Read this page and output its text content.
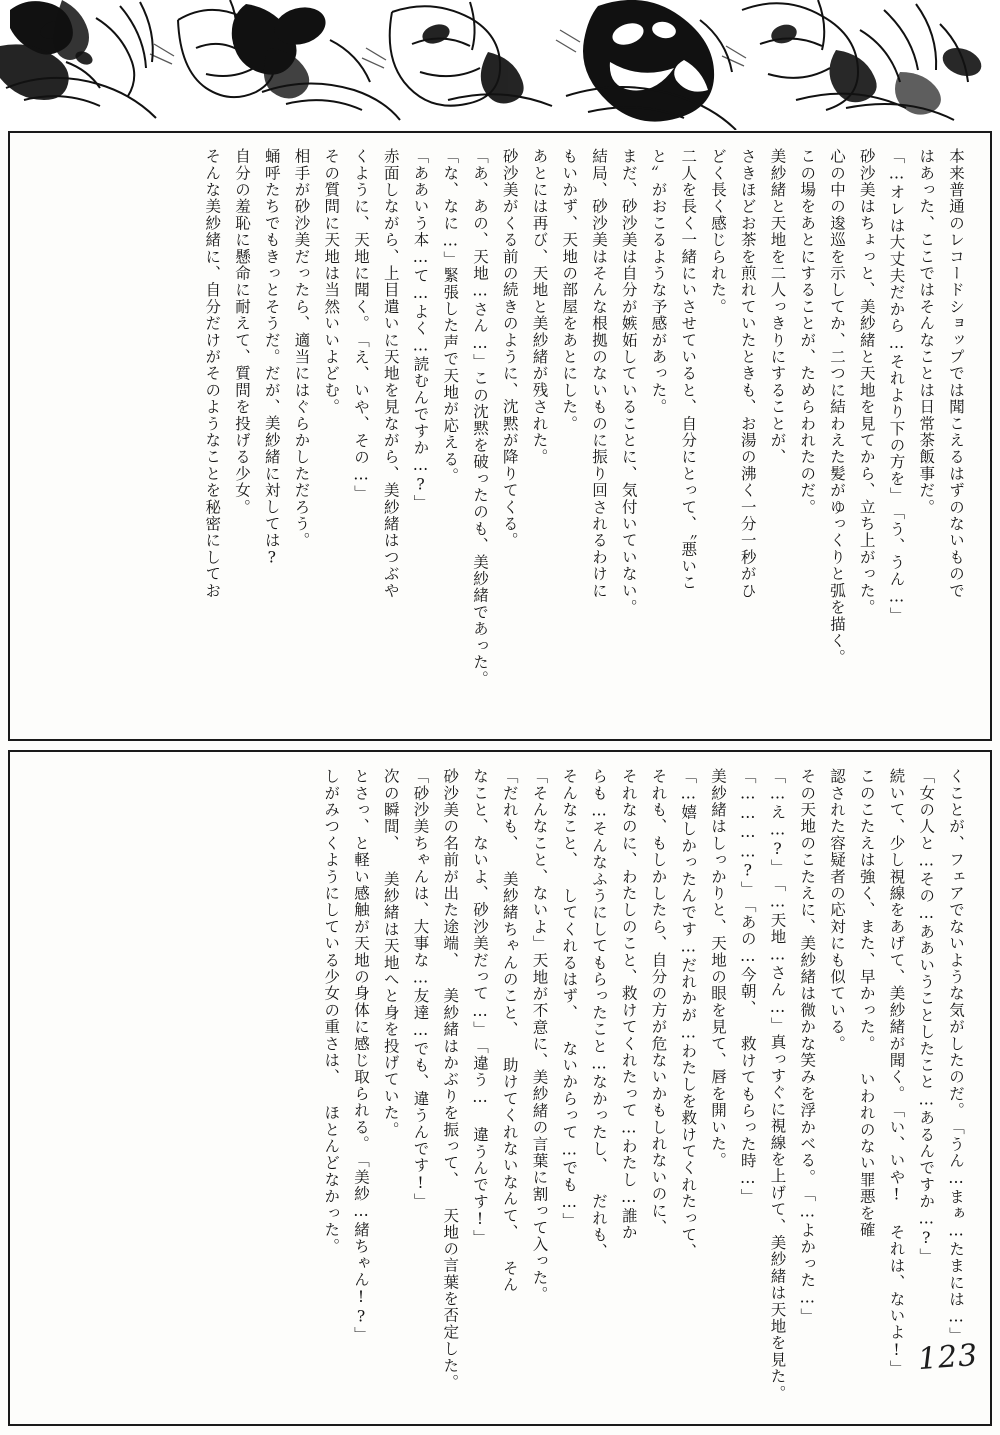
本来普通のレコードショップでは聞こえるはずのないものではあった、ここではそんなことは日常茶飯事だ。「…オレは大丈夫だから…それより下の方を」「う、うん…」砂沙美はちょっと、美紗緒と天地を見てから、立ち上がった。心の中の逡巡を示してか、二つに結わえた髪がゆっくりと弧を描く。この場をあとにすることが、ためらわれたのだ。美紗緒と天地を二人っきりにすることが、さきほどお茶を煎れていたときも、お湯の沸く一分一秒がひどく長く感じられた。二人を長く一緒にいさせていると、自分にとって、〝悪いこと〟がおこるような予感があった。まだ、砂沙美は自分が嫉妬していることに、気付いていない。結局、砂沙美はそんな根拠のないものに振り回されるわけにもいかず、天地の部屋をあとにした。あとには再び、天地と美紗緒が残された。砂沙美がくる前の続きのように、沈黙が降りてくる。「あ、あの、天地…さん…」この沈黙を破ったのも、美紗緒であった。「な、なに…」緊張した声で天地が応える。「ああいう本…て…よく…読むんですか…?」赤面しながら、上目遣いに天地を見ながら、美紗緒はつぶやくように、天地に聞く。「え、いや、その…」その質問に天地は当然いいよどむ。相手が砂沙美だったら、適当にはぐらかしただろう。蛹呼たちでもきっとそうだ。だが、美紗緒に対しては?自分の羞恥に懸命に耐えて、質問を投げる少女。そんな美紗緒に、自分だけがそのようなことを秘密にしてお
くことが、フェアでないような気がしたのだ。「うん…まぁ…たまには…」「女の人と…その…ああいうことしたこと…あるんですか…?」続いて、少し視線をあげて、美紗緒が聞く。「い、いや! それは、ないよ!」このこたえは強く、また、早かった。 いわれのない罪悪を確認された容疑者の応対にも似ている。その天地のこたえに、美紗緒は微かな笑みを浮かべる。「…よかった…」「…え…?」「…天地…さん…」真っすぐに視線を上げて、美紗緒は天地を見た。「…………?」「あの…今朝、 救けてもらった時…」美紗緒はしっかりと、天地の眼を見て、唇を開いた。「…嬉しかったんです…だれかが…わたしを救けてくれたって、それも、もしかしたら、自分の方が危ないかもしれないのに、それなのに、わたしのこと、救けてくれたって…わたし…誰からも…そんなふうにしてもらったこと…なかったし、 だれも、そんなこと、 してくれるはず、 ないからって…でも…」「そんなこと、ないよ」天地が不意に、美紗緒の言葉に割って入った。「だれも、 美紗緒ちゃんのこと、 助けてくれないなんて、 そんなこと、ないよ、砂沙美だって…」「違う… 違うんです!」砂沙美の名前が出た途端、 美紗緒はかぶりを振って、 天地の言葉を否定した。「砂沙美ちゃんは、大事な…友達…でも、違うんです!」次の瞬間、 美紗緒は天地へと身を投げていた。とさっ、と軽い感触が天地の身体に感じ取られる。「美紗…緒ちゃん!?」しがみつくようにしている少女の重さは、 ほとんどなかった。
123
